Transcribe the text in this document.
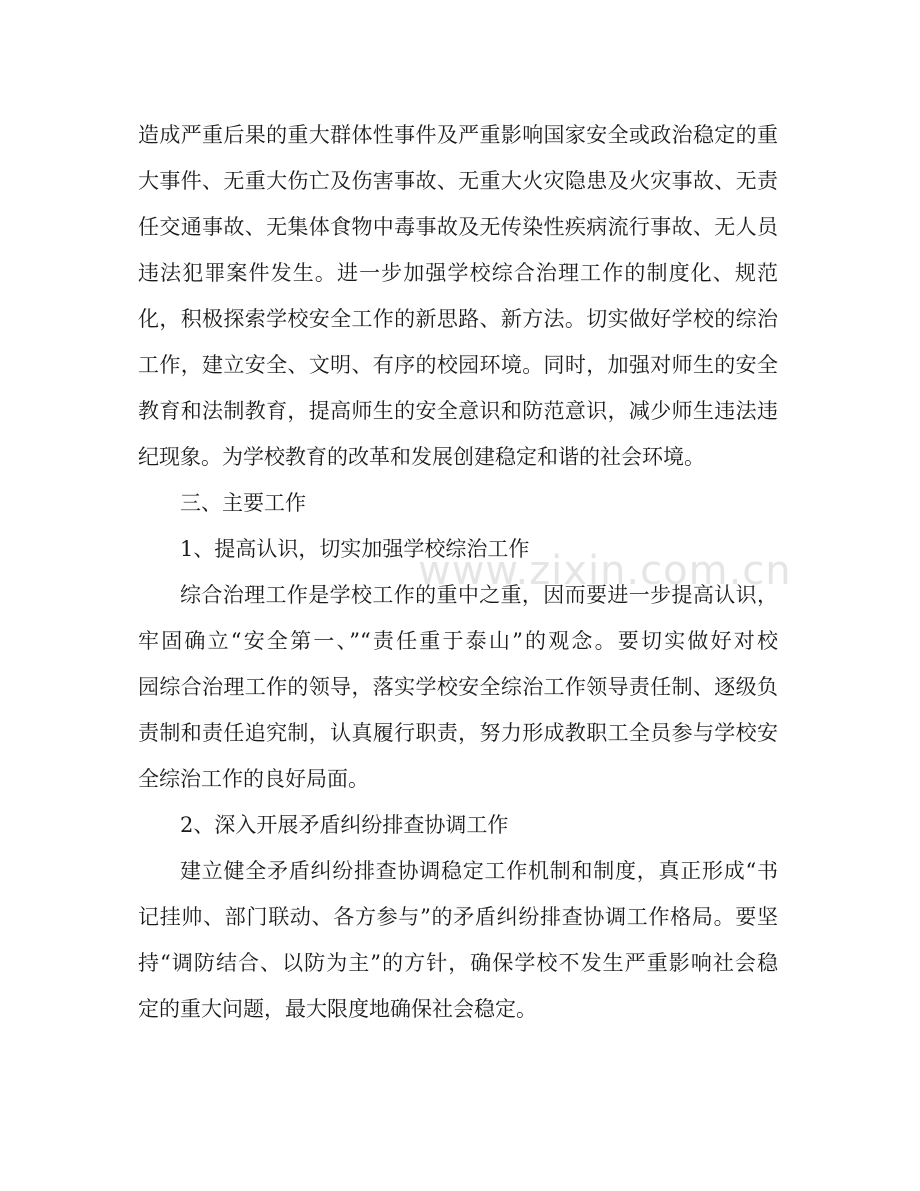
造成严重后果的重大群体性事件及严重影响国家安全或政治稳定的重
大事件、无重大伤亡及伤害事故、无重大火灾隐患及火灾事故、无责
任交通事故、无集体食物中毒事故及无传染性疾病流行事故、无人员
违法犯罪案件发生。进一步加强学校综合治理工作的制度化、规范
化，积极探索学校安全工作的新思路、新方法。切实做好学校的综治
工作，建立安全、文明、有序的校园环境。同时，加强对师生的安全
教育和法制教育，提高师生的安全意识和防范意识，减少师生违法违
纪现象。为学校教育的改革和发展创建稳定和谐的社会环境。
三、主要工作
1、提高认识，切实加强学校综治工作
综合治理工作是学校工作的重中之重，因而要进一步提高认识，
牢固确立“安全第一、”“责任重于泰山”的观念。要切实做好对校
园综合治理工作的领导，落实学校安全综治工作领导责任制、逐级负
责制和责任追究制，认真履行职责，努力形成教职工全员参与学校安
全综治工作的良好局面。
2、深入开展矛盾纠纷排查协调工作
建立健全矛盾纠纷排查协调稳定工作机制和制度，真正形成“书
记挂帅、部门联动、各方参与”的矛盾纠纷排查协调工作格局。要坚
持“调防结合、以防为主”的方针，确保学校不发生严重影响社会稳
定的重大问题，最大限度地确保社会稳定。
www.zixin.com.cn
